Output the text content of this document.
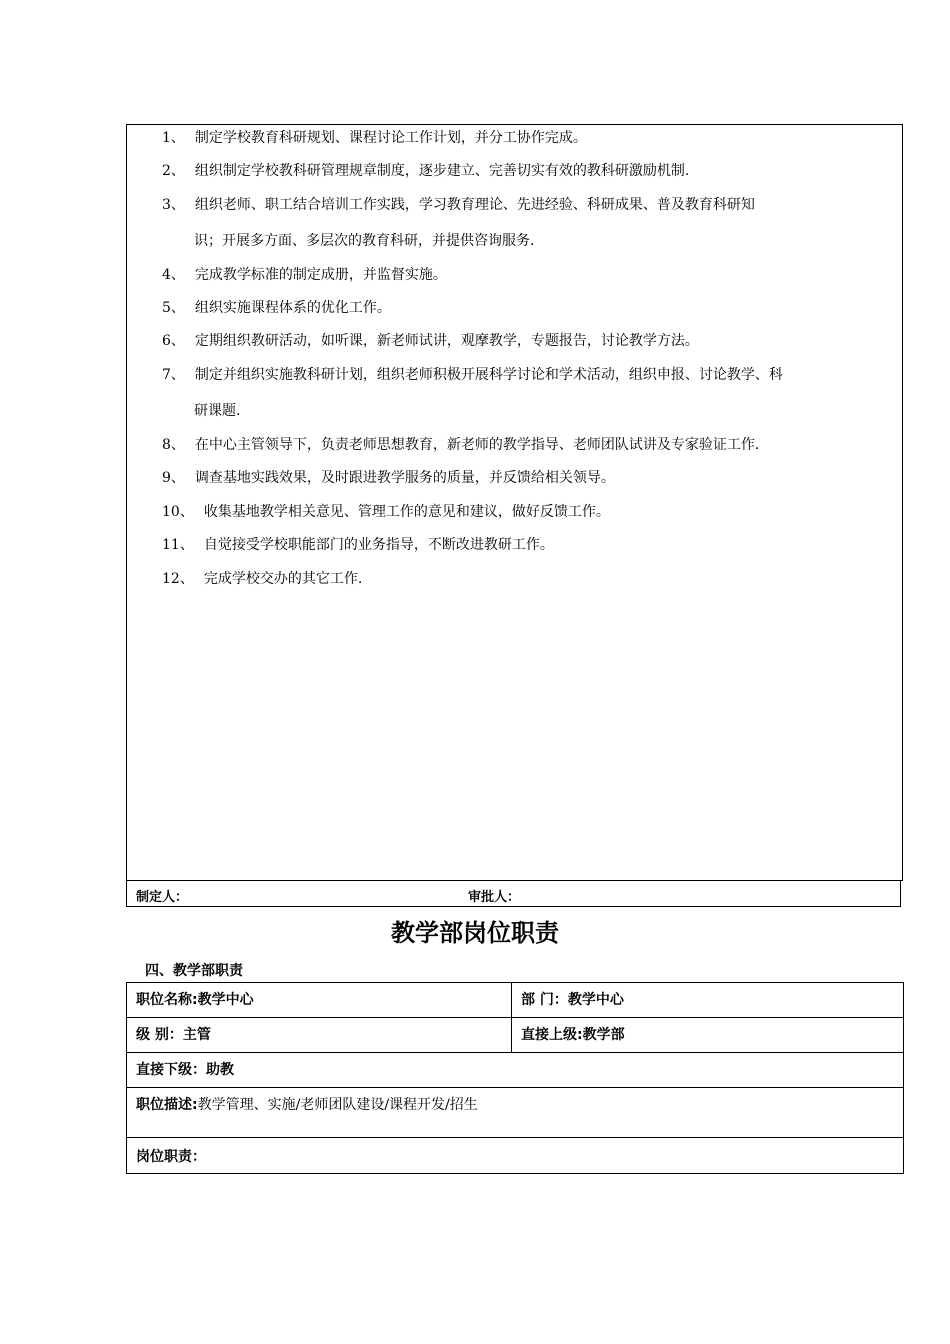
1、 制定学校教育科研规划、课程讨论工作计划，并分工协作完成。
2、 组织制定学校教科研管理规章制度，逐步建立、完善切实有效的教科研激励机制.
3、 组织老师、职工结合培训工作实践，学习教育理论、先进经验、科研成果、普及教育科研知
识；开展多方面、多层次的教育科研，并提供咨询服务.
4、 完成教学标准的制定成册，并监督实施。
5、 组织实施课程体系的优化工作。
6、 定期组织教研活动，如听课，新老师试讲，观摩教学，专题报告，讨论教学方法。
7、 制定并组织实施教科研计划，组织老师积极开展科学讨论和学术活动，组织申报、讨论教学、科
研课题.
8、 在中心主管领导下，负责老师思想教育，新老师的教学指导、老师团队试讲及专家验证工作.
9、 调查基地实践效果，及时跟进教学服务的质量，并反馈给相关领导。
10、 收集基地教学相关意见、管理工作的意见和建议，做好反馈工作。
11、 自觉接受学校职能部门的业务指导，不断改进教研工作。
12、 完成学校交办的其它工作.
制定人：	审批人：
教学部岗位职责
四、教学部职责
职位名称:教学中心	部 门：教学中心
级 别：主管	直接上级:教学部
直接下级：助教
职位描述:教学管理、实施/老师团队建设/课程开发/招生
岗位职责：
